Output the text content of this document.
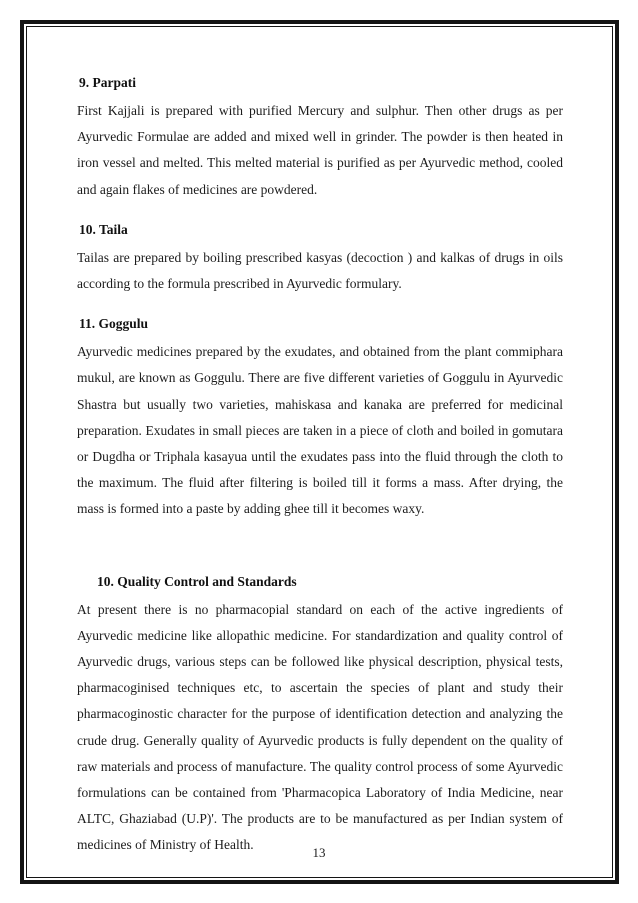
9. Parpati

First Kajjali is prepared with purified Mercury and sulphur. Then other drugs as per Ayurvedic Formulae are added and mixed well in grinder. The powder is then heated in iron vessel and melted. This melted material is purified as per Ayurvedic method, cooled and again flakes of medicines are powdered.

10. Taila

Tailas are prepared by boiling prescribed kasyas (decoction ) and kalkas of drugs in oils according to the formula prescribed in Ayurvedic formulary.

11. Goggulu

Ayurvedic medicines prepared by the exudates, and obtained from the plant commiphara mukul, are known as Goggulu. There are five different varieties of Goggulu in Ayurvedic Shastra but usually two varieties, mahiskasa and kanaka are preferred for medicinal preparation. Exudates in small pieces are taken in a piece of cloth and boiled in gomutara or Dugdha or Triphala kasayua until the exudates pass into the fluid through the cloth to the maximum. The fluid after filtering is boiled till it forms a mass. After drying, the mass is formed into a paste by adding ghee till it becomes waxy.

10. Quality Control and Standards

At present there is no pharmacopial standard on each of the active ingredients of Ayurvedic medicine like allopathic medicine. For standardization and quality control of Ayurvedic drugs, various steps can be followed like physical description, physical tests, pharmacoginised techniques etc, to ascertain the species of plant and study their pharmacoginostic character for the purpose of identification detection and analyzing the crude drug. Generally quality of Ayurvedic products is fully dependent on the quality of raw materials and process of manufacture. The quality control process of some Ayurvedic formulations can be contained from 'Pharmacopica Laboratory of India Medicine, near ALTC, Ghaziabad (U.P)'. The products are to be manufactured as per Indian system of medicines of Ministry of Health.

13
